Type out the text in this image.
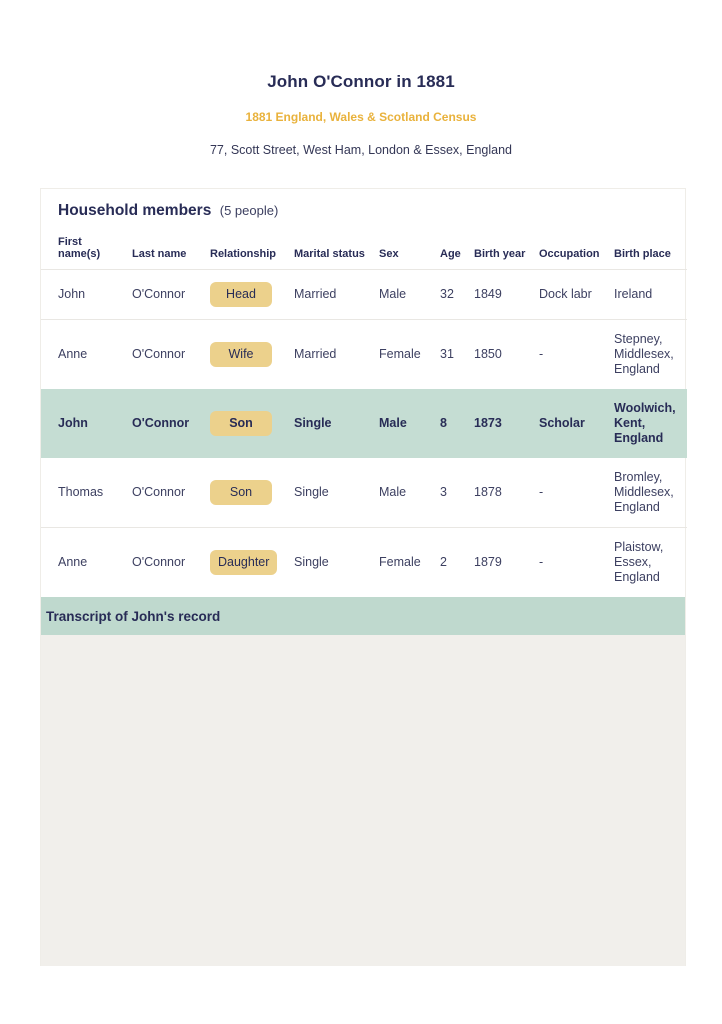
John O'Connor in 1881
1881 England, Wales & Scotland Census
77, Scott Street, West Ham, London & Essex, England
Household members (5 people)
First name(s)	Last name	Relationship	Marital status	Sex	Age	Birth year	Occupation	Birth place
John	O'Connor	Head	Married	Male	32	1849	Dock labr	Ireland
Anne	O'Connor	Wife	Married	Female	31	1850	-	Stepney, Middlesex, England
John	O'Connor	Son	Single	Male	8	1873	Scholar	Woolwich, Kent, England
Thomas	O'Connor	Son	Single	Male	3	1878	-	Bromley, Middlesex, England
Anne	O'Connor	Daughter	Single	Female	2	1879	-	Plaistow, Essex, England
Transcript of John's record
